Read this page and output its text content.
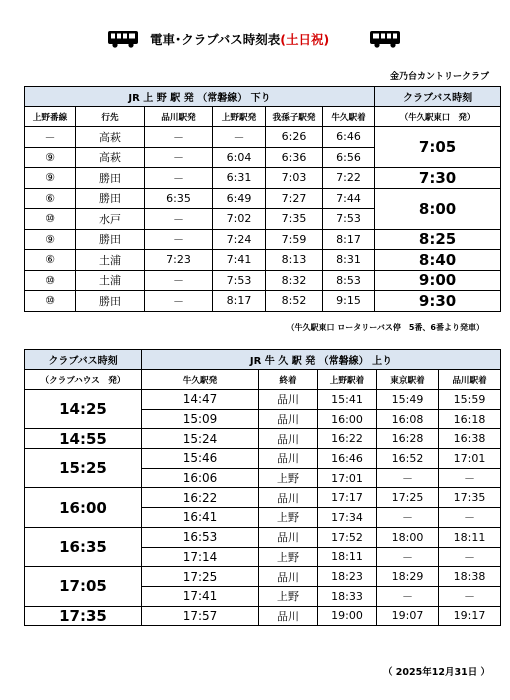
電車･クラブバス時刻表(土日祝)
金乃台カントリークラブ
JR 上 野 駅 発 （常磐線） 下り						クラブバス時刻
上野番線	行先	品川駅発	上野駅発	我孫子駅発	牛久駅着	（牛久駅東口　発）
－	高萩	－	－	6:26	6:46	7:05
⑨	高萩	－	6:04	6:36	6:56	
⑨	勝田	－	6:31	7:03	7:22	7:30
⑥	勝田	6:35	6:49	7:27	7:44	8:00
⑩	水戸	－	7:02	7:35	7:53	
⑨	勝田	－	7:24	7:59	8:17	8:25
⑥	土浦	7:23	7:41	8:13	8:31	8:40
⑩	土浦	－	7:53	8:32	8:53	9:00
⑩	勝田	－	8:17	8:52	9:15	9:30
（牛久駅東口 ロータリーバス停　5番、6番より発車）
クラブバス時刻	JR 牛 久 駅 発 （常磐線） 上り				
（クラブハウス　発）	牛久駅発	終着	上野駅着	東京駅着	品川駅着
14:25	14:47	品川	15:41	15:49	15:59
	15:09	品川	16:00	16:08	16:18
14:55	15:24	品川	16:22	16:28	16:38
15:25	15:46	品川	16:46	16:52	17:01
	16:06	上野	17:01	－	－
16:00	16:22	品川	17:17	17:25	17:35
	16:41	上野	17:34	－	－
16:35	16:53	品川	17:52	18:00	18:11
	17:14	上野	18:11	－	－
17:05	17:25	品川	18:23	18:29	18:38
	17:41	上野	18:33	－	－
17:35	17:57	品川	19:00	19:07	19:17
（ 2025年12月31日 ）
